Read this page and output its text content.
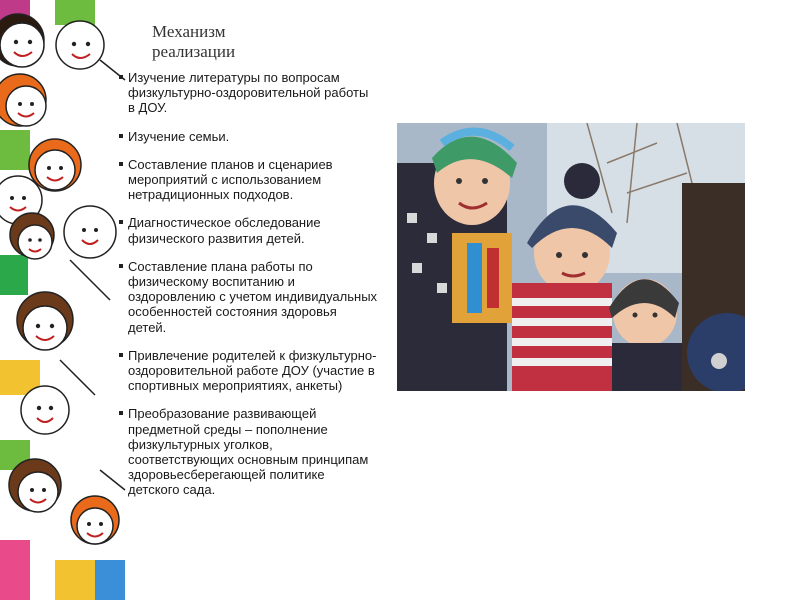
Механизм реализации
Изучение литературы по вопросам физкультурно-оздоровительной работы в ДОУ.
Изучение семьи.
Составление планов и сценариев мероприятий с использованием нетрадиционных подходов.
Диагностическое обследование физического развития детей.
Составление плана работы по физическому воспитанию и оздоровлению с учетом индивидуальных особенностей состояния здоровья детей.
Привлечение родителей к физкультурно-оздоровительной работе ДОУ (участие в спортивных мероприятиях, анкеты)
Преобразование развивающей предметной среды – пополнение физкультурных уголков, соответствующих основным принципам здоровьесберегающей политике детского сада.
